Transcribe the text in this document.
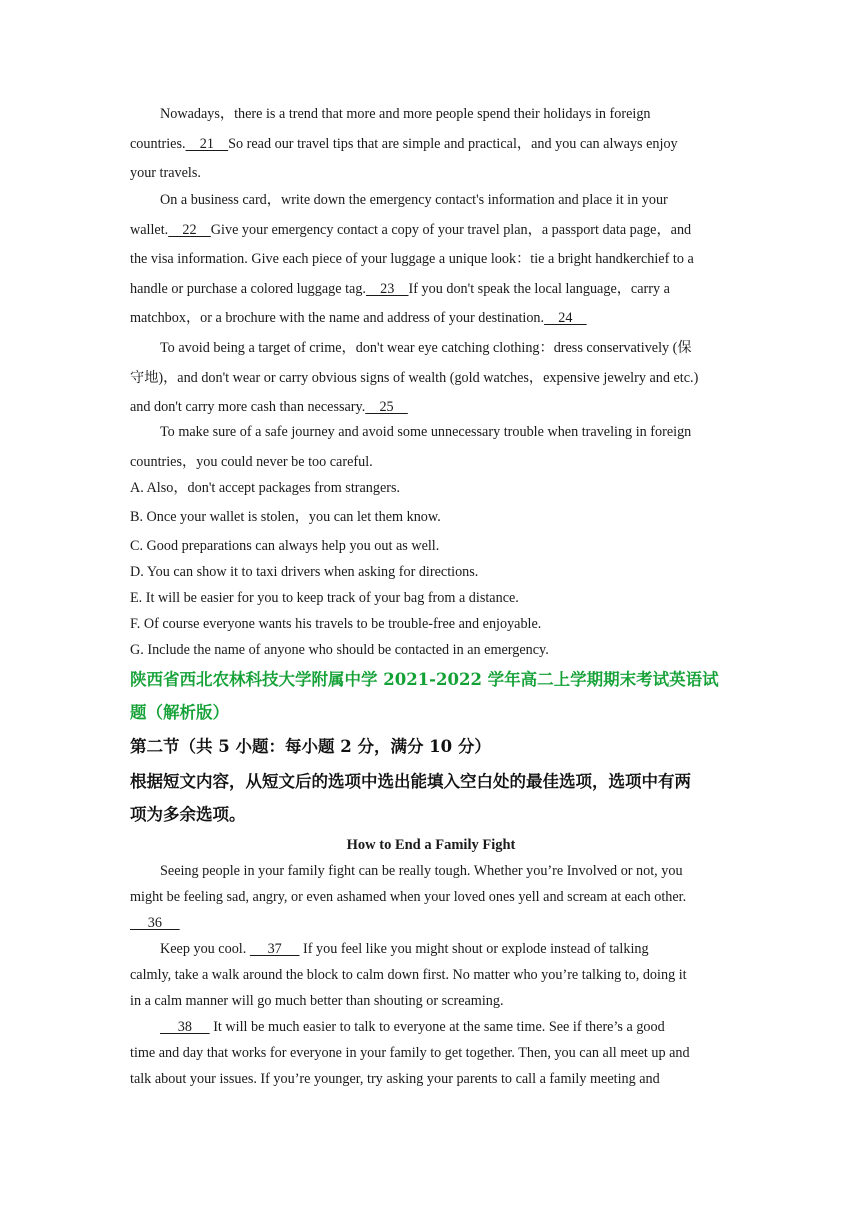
Nowadays，there is a trend that more and more people spend their holidays in foreign
countries.    21    So read our travel tips that are simple and practical，and you can always enjoy
your travels.
On a business card，write down the emergency contact's information and place it in your
wallet.    22    Give your emergency contact a copy of your travel plan，a passport data page，and
the visa information. Give each piece of your luggage a unique look：tie a bright handkerchief to a
handle or purchase a colored luggage tag.    23    If you don't speak the local language，carry a
matchbox，or a brochure with the name and address of your destination.    24
To avoid being a target of crime，don't wear eye catching clothing：dress conservatively (保
守地)，and don't wear or carry obvious signs of wealth (gold watches，expensive jewelry and etc.)
and don't carry more cash than necessary.    25
To make sure of a safe journey and avoid some unnecessary trouble when traveling in foreign
countries，you could never be too careful.
A. Also，don't accept packages from strangers.
B. Once your wallet is stolen，you can let them know.
C. Good preparations can always help you out as well.
D. You can show it to taxi drivers when asking for directions.
E. It will be easier for you to keep track of your bag from a distance.
F. Of course everyone wants his travels to be trouble-free and enjoyable.
G. Include the name of anyone who should be contacted in an emergency.
陕西省西北农林科技大学附属中学 2021-2022 学年高二上学期期末考试英语试
题（解析版）
第二节（共 5 小题：每小题 2 分，满分 10 分）
根据短文内容，从短文后的选项中选出能填入空白处的最佳选项，选项中有两
项为多余选项。
How to End a Family Fight
Seeing people in your family fight can be really tough. Whether you’re Involved or not, you
might be feeling sad, angry, or even ashamed when your loved ones yell and scream at each other.
36
Keep you cool.      37      If you feel like you might shout or explode instead of talking
calmly, take a walk around the block to calm down first. No matter who you’re talking to, doing it
in a calm manner will go much better than shouting or screaming.
38      It will be much easier to talk to everyone at the same time. See if there’s a good
time and day that works for everyone in your family to get together. Then, you can all meet up and
talk about your issues. If you’re younger, try asking your parents to call a family meeting and
